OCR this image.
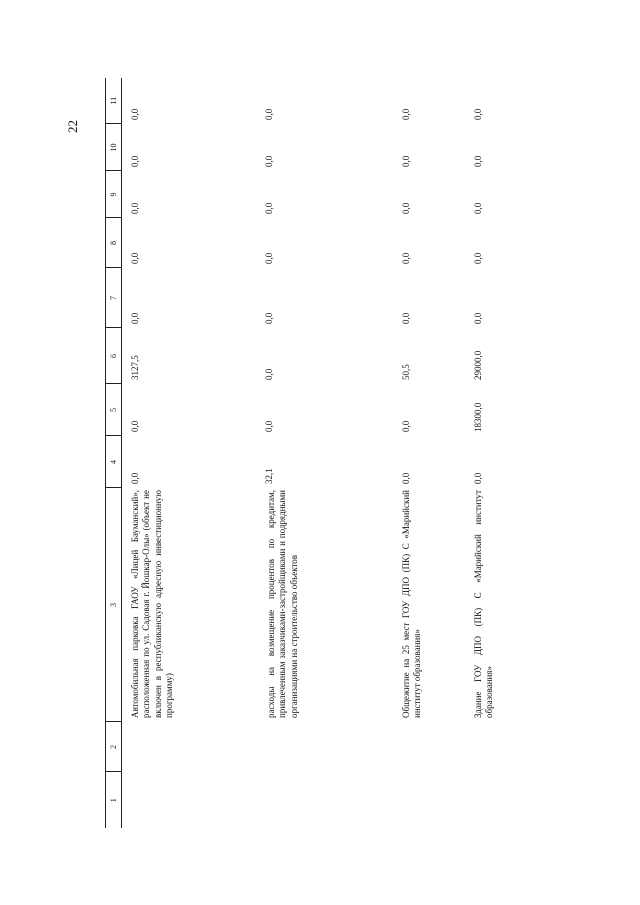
22

1	2	3	4	5	6	7	8	9	10	11
		Автомобильная парковка ГАОУ «Лицей Бауманский», расположенная по ул. Садовая г. Йошкар-Олы» (объект не включен в республиканскую адресную инвестиционную программу)	0,0	0,0	3127,5	0,0	0,0	0,0	0,0	0,0
		расходы на возмещение процентов по кредитам, привлеченным заказчиками-застройщиками и подрядными организациями на строительство объектов	32,1	0,0	0,0	0,0	0,0	0,0	0,0	0,0
		Общежитие на 25 мест ГОУ ДПО (ПК) С «Марийский институт образования»	0,0	0,0	50,5	0,0	0,0	0,0	0,0	0,0
		Здание ГОУ ДПО (ПК) С «Марийский институт образования»	0,0	18300,0	29000,0	0,0	0,0	0,0	0,0	0,0
